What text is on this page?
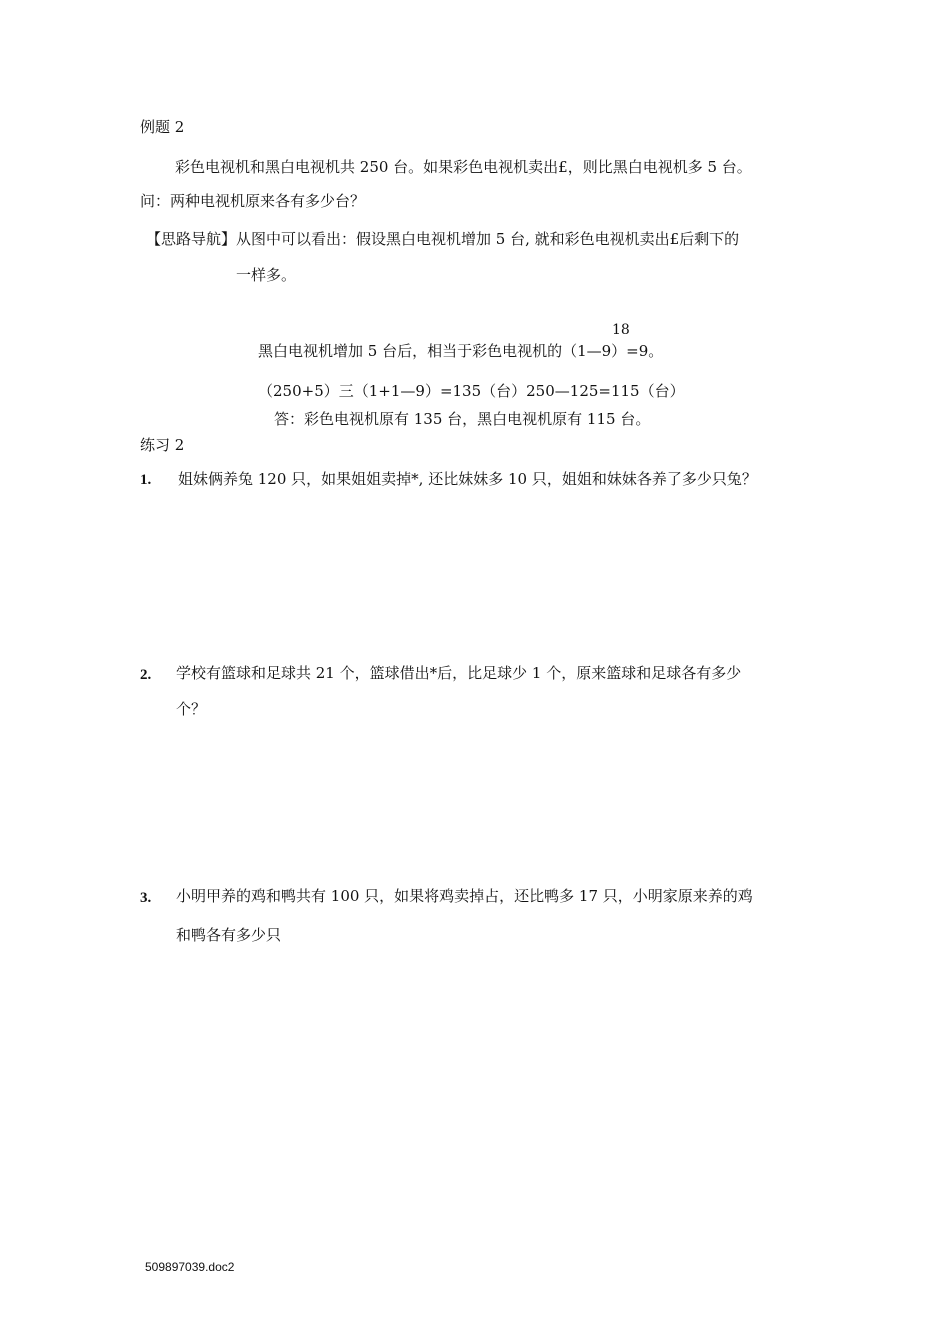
例题 2
彩色电视机和黑白电视机共 250 台。如果彩色电视机卖出£，则比黑白电视机多 5 台。
问：两种电视机原来各有多少台？
【思路导航】从图中可以看出：假设黑白电视机增加 5 台, 就和彩色电视机卖出£后剩下的
一样多。
18
黑白电视机增加 5 台后，相当于彩色电视机的（1—9）=9。
（250+5）三（1+1—9）=135（台）250—125=115（台）
答：彩色电视机原有 135 台，黑白电视机原有 115 台。
练习 2
1. 姐妹俩养兔 120 只，如果姐姐卖掉*, 还比妹妹多 10 只，姐姐和妹妹各养了多少只兔？
2. 学校有篮球和足球共 21 个，篮球借出*后，比足球少 1 个，原来篮球和足球各有多少
个？
3. 小明甲养的鸡和鸭共有 100 只，如果将鸡卖掉占，还比鸭多 17 只，小明家原来养的鸡
和鸭各有多少只
509897039.doc2
